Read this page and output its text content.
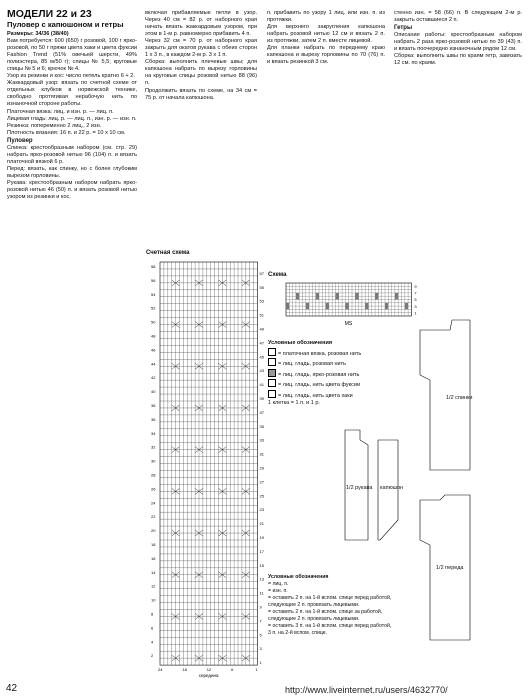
МОДЕЛИ 22 и 23
Пуловер с капюшоном и гетры

Размеры: 34/36 (38/40)

Вам потребуется: 600 (650) г розовой, 100 г ярко-розовой, по 50 г пряжи цвета хаки и цвета фуксии Fashion Trend (51% овечьей шерсти, 49% полиэстера, 85 м/50 г); спицы № 5,5; круговые спицы № 5 и 6; крючок № 4.

Узор из резинки и кос: число петель кратно 6 + 2.

Жаккардовый узор: вязать по счетной схеме от отдельных клубков в норвежской технике, свободно протягивая нерабочую нить по изнаночной стороне работы.

Платочная вязка: лиц. и изн. р. — лиц. п.

Лицевая гладь: лиц. р. — лиц. п., изн. р. — изн. п.

Резинка: попеременно 2 лиц., 2 изн.

Плотность вязания: 16 п. и 22 р. = 10 х 10 см.

Пуловер

Спинка: крестообразным набором (см. стр. 29) набрать ярко-розовой нитью 96 (104) п. и вязать платочной вязкой 6 р.

Перед: вязать, как спинку, но с более глубоким вырезом горловины.

Рукава: крестообразным набором набрать ярко-розовой нитью 46 (50) п. и вязать розовой нитью узором из резинки и кос.

включая прибавляемые петли в узор. Через 40 см = 82 р. от наборного края начать вязать жаккардовым узором, при этом в 1-м р. равномерно прибавить 4 п.

Через 32 см = 70 р. от наборного края закрыть для окатов рукава с обеих сторон 1 х 3 п., в каждом 2-м р. 3 х 1 п.

Сборка: выполнить плечевые швы; для капюшона набрать по вырезу горловины на круговые спицы розовой нитью 88 (96) п.

Продолжить вязать по схеме, на 34 см = 75 р. от начала капюшона.

Счетная схема

п. прибавить по узору 1 лиц. или изн. п. из протяжки.

Для верхнего закругления капюшона набрать розовой нитью 12 см и вязать 2 п. из протяжки, затем 2 п. вместе лицевой.

Для планки набрать по переднему краю капюшона и вырезу горловины по 70 (76) п. и вязать резинкой 3 см.

Схема

стенно изн. = 58 (66) п. В следующем 2-м р. закрыть оставшиеся 2 п.

Гетры

Описание работы: крестообразным набором набрать 2 раза ярко-розовой нитью по 39 (43) п. и вязать поочередно изнаночным рядом 12 см.

Сборка: выполнить швы по краям гетр, завязать 12 см. по краям.

Условные обозначения
= платочная вязка, розовая нить
= лиц. гладь, розовая нить
= лиц. гладь, ярко-розовая нить
= лиц. гладь, нить цвета фуксии
= лиц. гладь, нить цвета хаки
1 клетка = 1 п. и 1 р.
Условные обозначения
= лиц. п.
= изн. п.
= оставить 2 п. на 1-й вспом. спице перед работой, следующие 2 п. провязать лицевыми.
= оставить 2 п. на 1-й вспом. спице за работой, следующие 2 п. провязать лицевыми.
= оставить 3 п. на 1-й вспом. спице перед работой, 3 п. на 2-й вспом. спице.
58
56
54
52
50
48
46
44
42
40
38
36
34
32
30
28
26
24
22
20
18
16
14
12
10
8
6
4
2
57
55
53
51
49
47
45
43
41
39
37
35
33
31
29
27
25
23
21
19
17
15
13
11
9
7
5
3
1
середина
24	18	12	6	1
9
7
5
3
1
MS
1/2 спинки
1/2 переда
1/2 рукава капюшон
42	http://www.liveinternet.ru/users/4632770/
